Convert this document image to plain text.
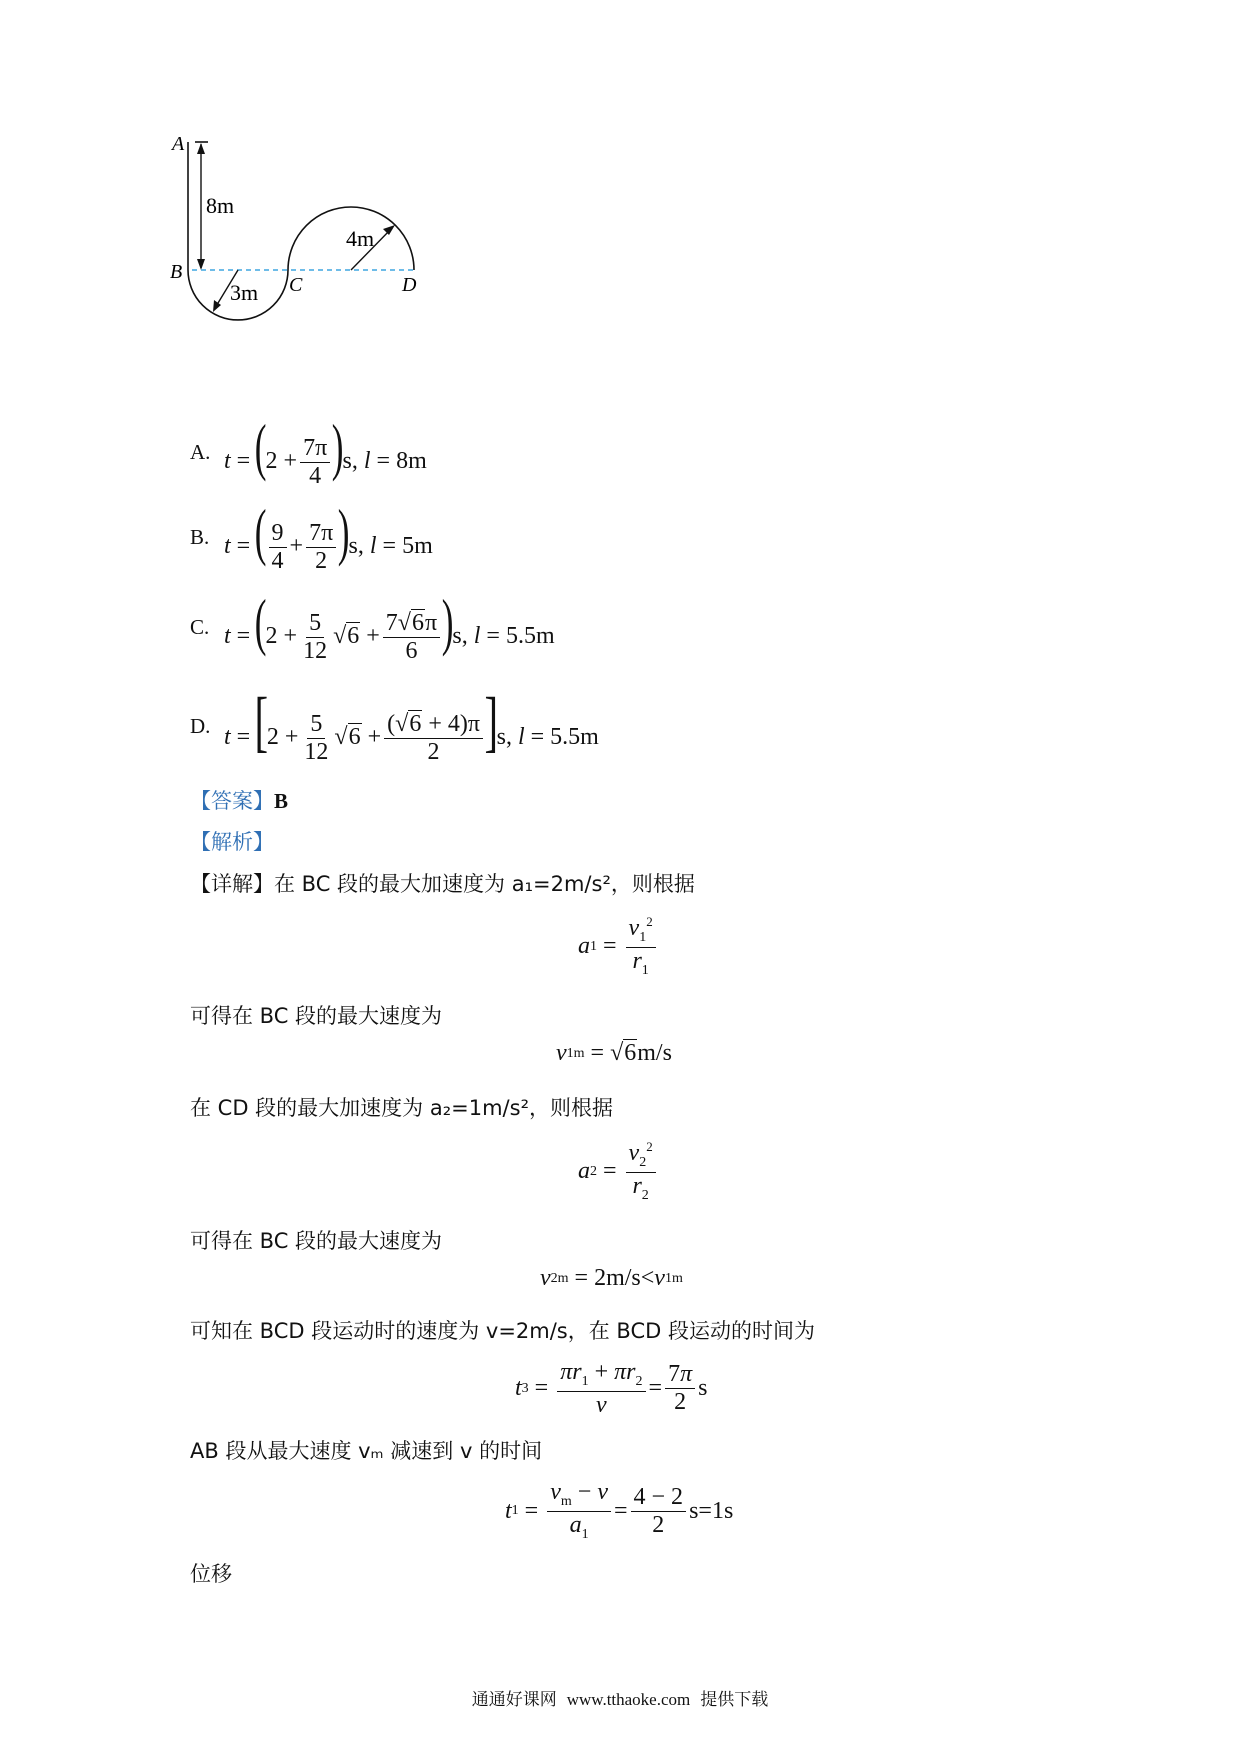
A
B
C	D
8m
3m
4m
A. $t = (2 + \frac{7\pi}{4} )s$, l = 8m
B. t = ( $\frac{9}{4} + \frac{7\pi}{2} )s$, l = 5m
C. $t = (2 + \frac{5}{12} √6 + \frac{7√6\pi}{6} )s$, l = 5.5m
D. $t = [2 + \frac{5}{12} √6 + \frac{(√6 + 4)\pi}{2} ]s$, l = 5.5m
【答案】B
【解析】
【详解】在 BC 段的最大加速度为 a₁=2m/s²，则根据
a $1 = \frac{v_1^2}{r_1}$
可得在 BC 段的最大速度为
v 1m = √6 m/s
在 CD 段的最大加速度为 a₂=1m/s²，则根据
a $2 = \frac{v_2^2}{r_2}$
可得在 BC 段的最大速度为
v 2m = 2m/s< v 1m
可知在 BCD 段运动时的速度为 v=2m/s，在 BCD 段运动的时间为
t $3 = \frac{\pi r_1 + \pi r_2}{v} = \frac{7\pi}{2}$ s
AB 段从最大速度 vₘ 减速到 v 的时间
t $1 = \frac{v_m - v}{a_1} = \frac{4 - 2}{2} s=1s$
位移
通通好课网 www.tthaoke.com 提供下载
